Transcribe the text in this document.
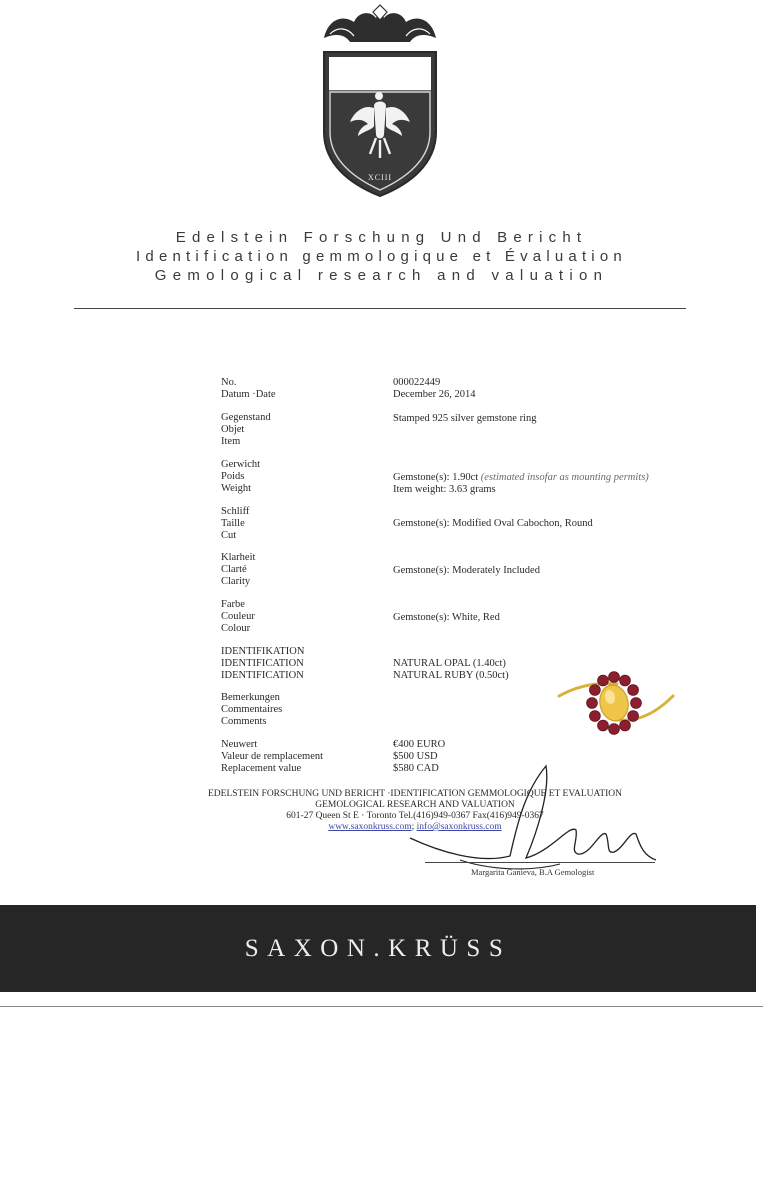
XCIII
Edelstein Forschung Und Bericht
Identification gemmologique et Évaluation
Gemological research and valuation
No.
Datum ·Date
Gegenstand
Objet
Item
Gerwicht
Poids
Weight
Schliff
Taille
Cut
Klarheit
Clarté
Clarity
Farbe
Couleur
Colour
IDENTIFIKATION
IDENTIFICATION
IDENTIFICATION
Bemerkungen
Commentaires
Comments
Neuwert
Valeur de remplacement
Replacement value
000022449
December 26, 2014
Stamped 925 silver gemstone ring
Gemstone(s): 1.90ct (estimated insofar as mounting permits)
Item weight: 3.63 grams
Gemstone(s): Modified Oval Cabochon, Round
Gemstone(s): Moderately Included
Gemstone(s): White, Red
NATURAL OPAL (1.40ct)
NATURAL RUBY (0.50ct)
€400 EURO
$500 USD
$580 CAD
EDELSTEIN FORSCHUNG UND BERICHT ·IDENTIFICATION GEMMOLOGIQUE ET EVALUATION
GEMOLOGICAL RESEARCH AND VALUATION
601-27 Queen St E · Toronto Tel.(416)949-0367 Fax(416)949-0367
www.saxonkruss.com; info@saxonkruss.com
Margarita Ganieva, B.A Gemologist
SAXON.KRÜSS
